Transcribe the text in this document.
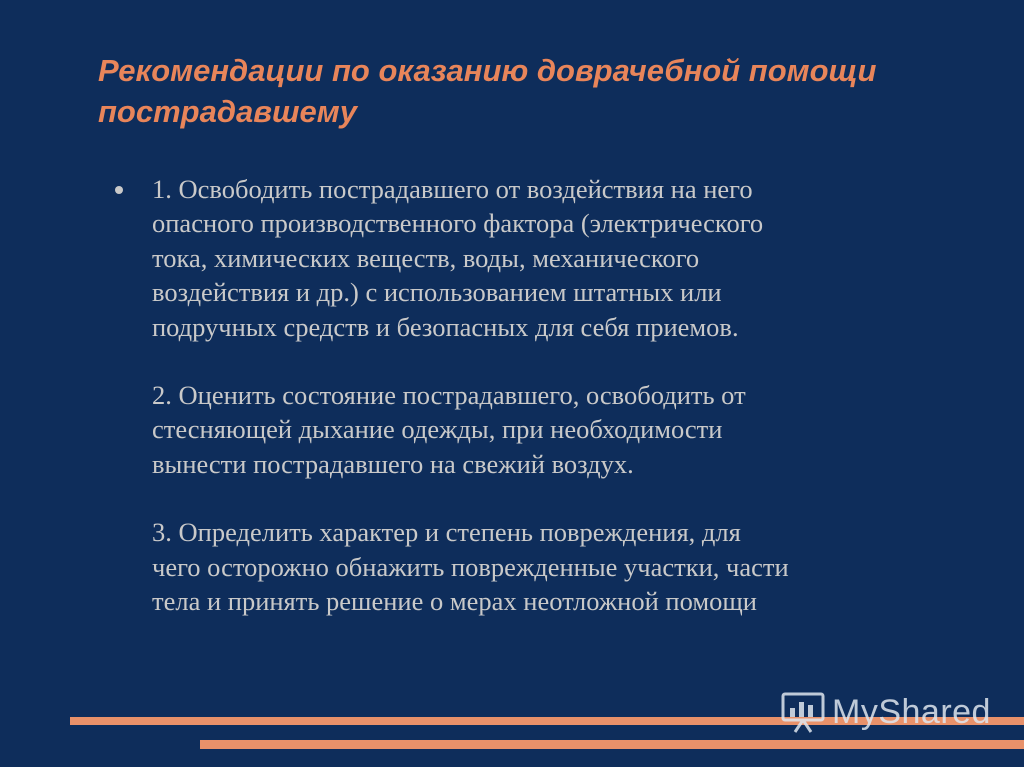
Рекомендации по оказанию доврачебной помощи пострадавшему

1. Освободить пострадавшего от воздействия на него
опасного производственного фактора (электрического
тока, химических веществ, воды, механического
воздействия и др.) с использованием штатных или
подручных средств и безопасных для себя приемов.

2. Оценить состояние пострадавшего, освободить от
стесняющей дыхание одежды, при необходимости
вынести пострадавшего на свежий воздух.

3. Определить характер и степень повреждения, для
чего осторожно обнажить поврежденные участки, части
тела и принять решение о мерах неотложной помощи

MyShared
